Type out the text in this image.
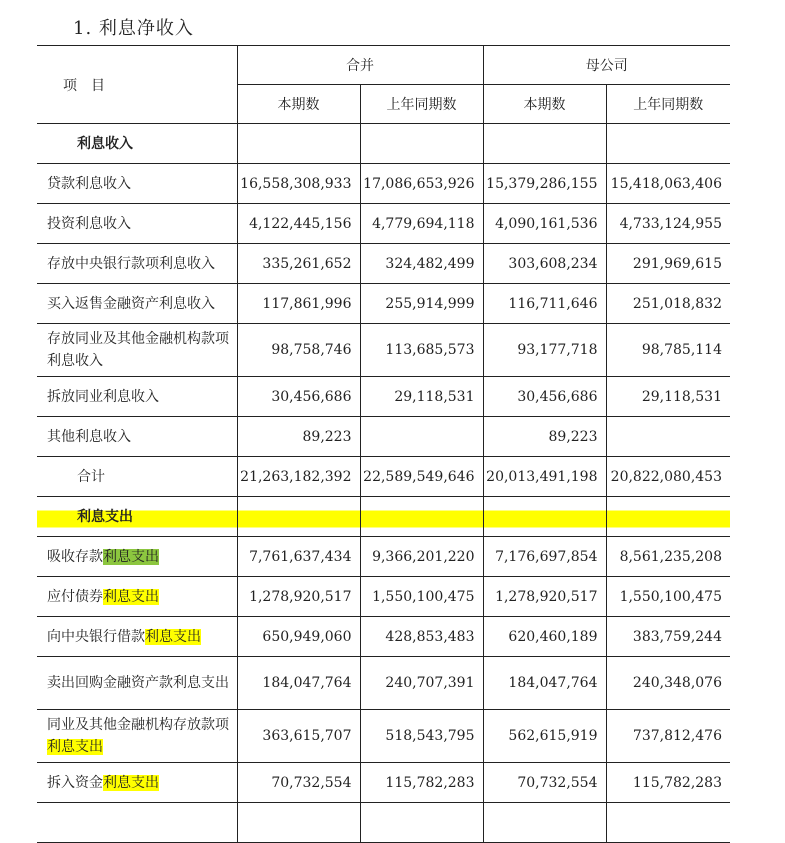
1. 利息净收入
项　目	合并		母公司	
	本期数	上年同期数	本期数	上年同期数
利息收入				
贷款利息收入	16,558,308,933	17,086,653,926	15,379,286,155	15,418,063,406
投资利息收入	4,122,445,156	4,779,694,118	4,090,161,536	4,733,124,955
存放中央银行款项利息收入	335,261,652	324,482,499	303,608,234	291,969,615
买入返售金融资产利息收入	117,861,996	255,914,999	116,711,646	251,018,832
存放同业及其他金融机构款项利息收入	98,758,746	113,685,573	93,177,718	98,785,114
拆放同业利息收入	30,456,686	29,118,531	30,456,686	29,118,531
其他利息收入	89,223		89,223	
合计	21,263,182,392	22,589,549,646	20,013,491,198	20,822,080,453
利息支出				
吸收存款利息支出	7,761,637,434	9,366,201,220	7,176,697,854	8,561,235,208
应付债券利息支出	1,278,920,517	1,550,100,475	1,278,920,517	1,550,100,475
向中央银行借款利息支出	650,949,060	428,853,483	620,460,189	383,759,244
卖出回购金融资产款利息支出	184,047,764	240,707,391	184,047,764	240,348,076
同业及其他金融机构存放款项利息支出	363,615,707	518,543,795	562,615,919	737,812,476
拆入资金利息支出	70,732,554	115,782,283	70,732,554	115,782,283
